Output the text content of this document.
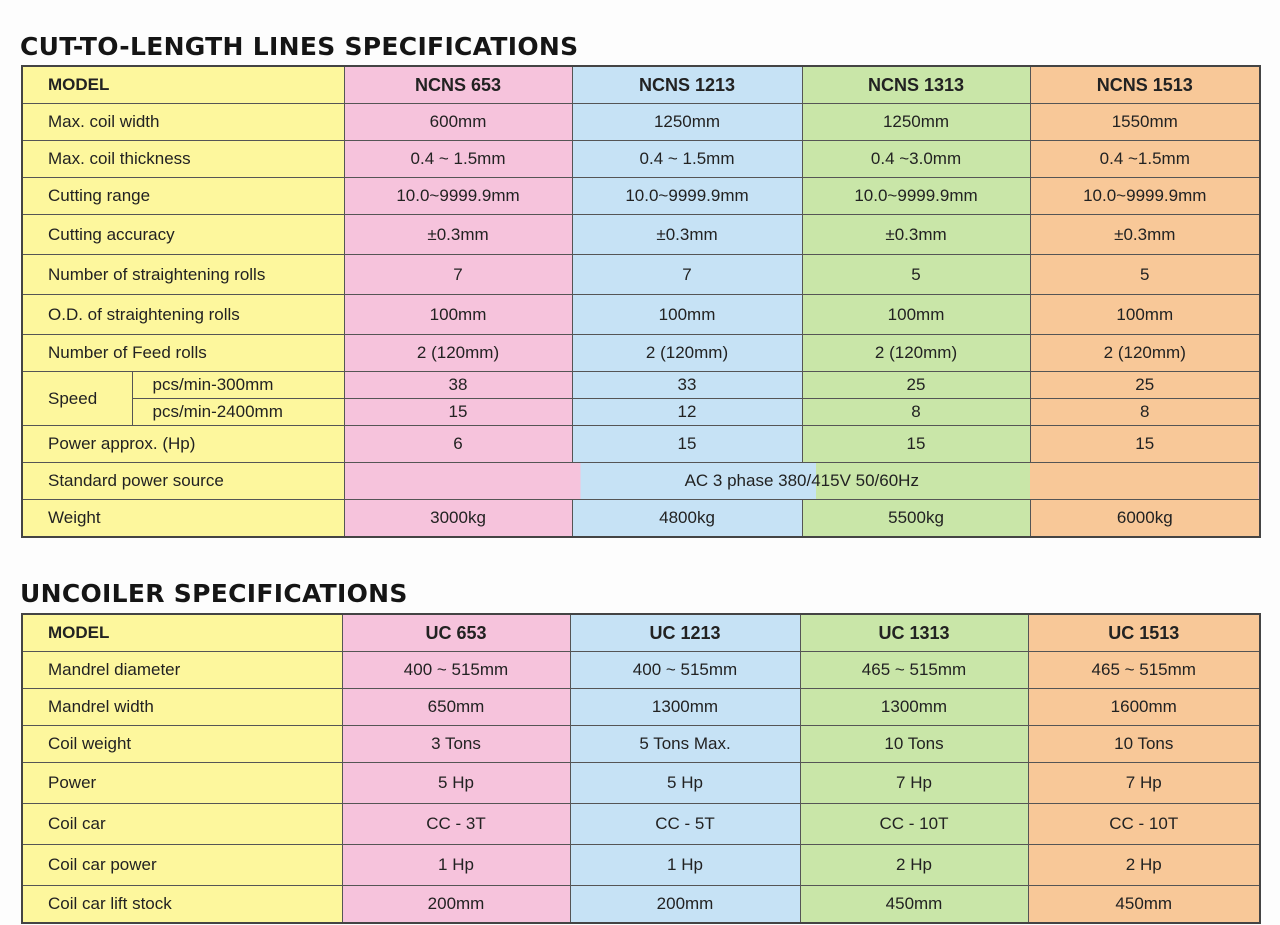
CUT-TO-LENGTH LINES SPECIFICATIONS
MODEL		NCNS 653	NCNS 1213	NCNS 1313	NCNS 1513
Max. coil width		600mm	1250mm	1250mm	1550mm
Max. coil thickness		0.4 ~ 1.5mm	0.4 ~ 1.5mm	0.4 ~3.0mm	0.4 ~1.5mm
Cutting range		10.0~9999.9mm	10.0~9999.9mm	10.0~9999.9mm	10.0~9999.9mm
Cutting accuracy		±0.3mm	±0.3mm	±0.3mm	±0.3mm
Number of straightening rolls		7	7	5	5
O.D. of straightening rolls		100mm	100mm	100mm	100mm
Number of Feed rolls		2 (120mm)	2 (120mm)	2 (120mm)	2 (120mm)
Speed	pcs/min-300mm	38	33	25	25
	pcs/min-2400mm	15	12	8	8
Power approx. (Hp)		6	15	15	15
Standard power source		AC 3 phase 380/415V 50/60Hz			
Weight		3000kg	4800kg	5500kg	6000kg
UNCOILER SPECIFICATIONS
MODEL	UC 653	UC 1213	UC 1313	UC 1513
Mandrel diameter	400 ~ 515mm	400 ~ 515mm	465 ~ 515mm	465 ~ 515mm
Mandrel width	650mm	1300mm	1300mm	1600mm
Coil weight	3 Tons	5 Tons Max.	10 Tons	10 Tons
Power	5 Hp	5 Hp	7 Hp	7 Hp
Coil car	CC - 3T	CC - 5T	CC - 10T	CC - 10T
Coil car power	1 Hp	1 Hp	2 Hp	2 Hp
Coil car lift stock	200mm	200mm	450mm	450mm
